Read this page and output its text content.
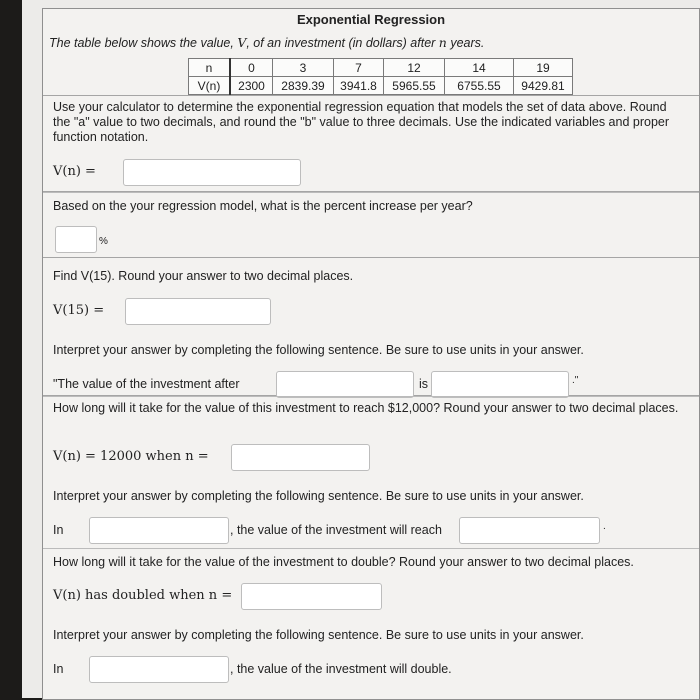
Exponential Regression
The table below shows the value, V, of an investment (in dollars) after n years.
n	0	3	7	12	14	19
V(n)	2300	2839.39	3941.8	5965.55	6755.55	9429.81
Use your calculator to determine the exponential regression equation that models the set of data above. Round the "a" value to two decimals, and round the "b" value to three decimals. Use the indicated variables and proper function notation.
V(n) =
Based on the your regression model, what is the percent increase per year?
%
Find V(15). Round your answer to two decimal places.
V(15) =
Interpret your answer by completing the following sentence. Be sure to use units in your answer.
"The value of the investment after	is	."
How long will it take for the value of this investment to reach $12,000? Round your answer to two decimal places.
V(n) = 12000 when n =
Interpret your answer by completing the following sentence. Be sure to use units in your answer.
In	, the value of the investment will reach	.
How long will it take for the value of the investment to double? Round your answer to two decimal places.
V(n) has doubled when n =
Interpret your answer by completing the following sentence. Be sure to use units in your answer.
In	, the value of the investment will double.
